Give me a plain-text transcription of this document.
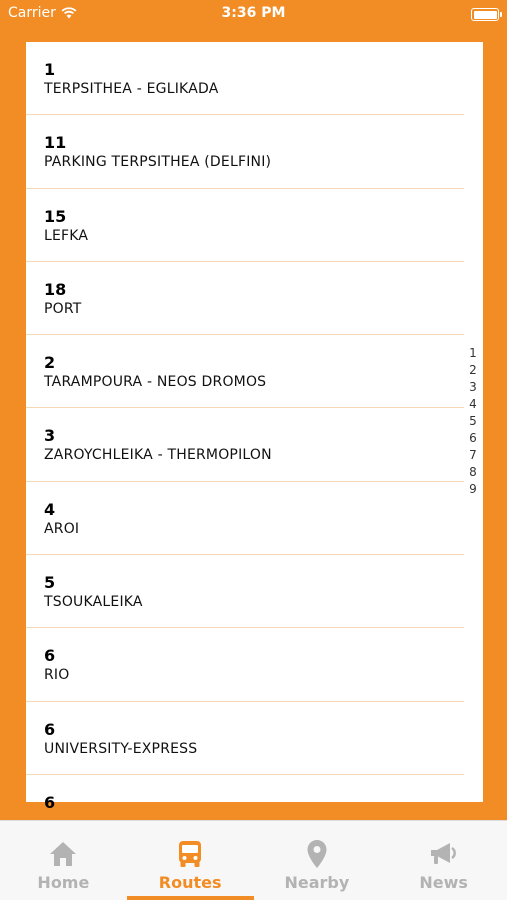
Carrier	3:36 PM
1
TERPSITHEA - EGLIKADA
11
PARKING TERPSITHEA (DELFINI)
15
LEFKA
18
PORT
2
TARAMPOURA - NEOS DROMOS
3
ZAROYCHLEIKA - THERMOPILON
4
AROI
5
TSOUKALEIKA
6
RIO
6
UNIVERSITY-EXPRESS
6
1
2
3
4
5
6
7
8
9
Home	Routes	Nearby	News
